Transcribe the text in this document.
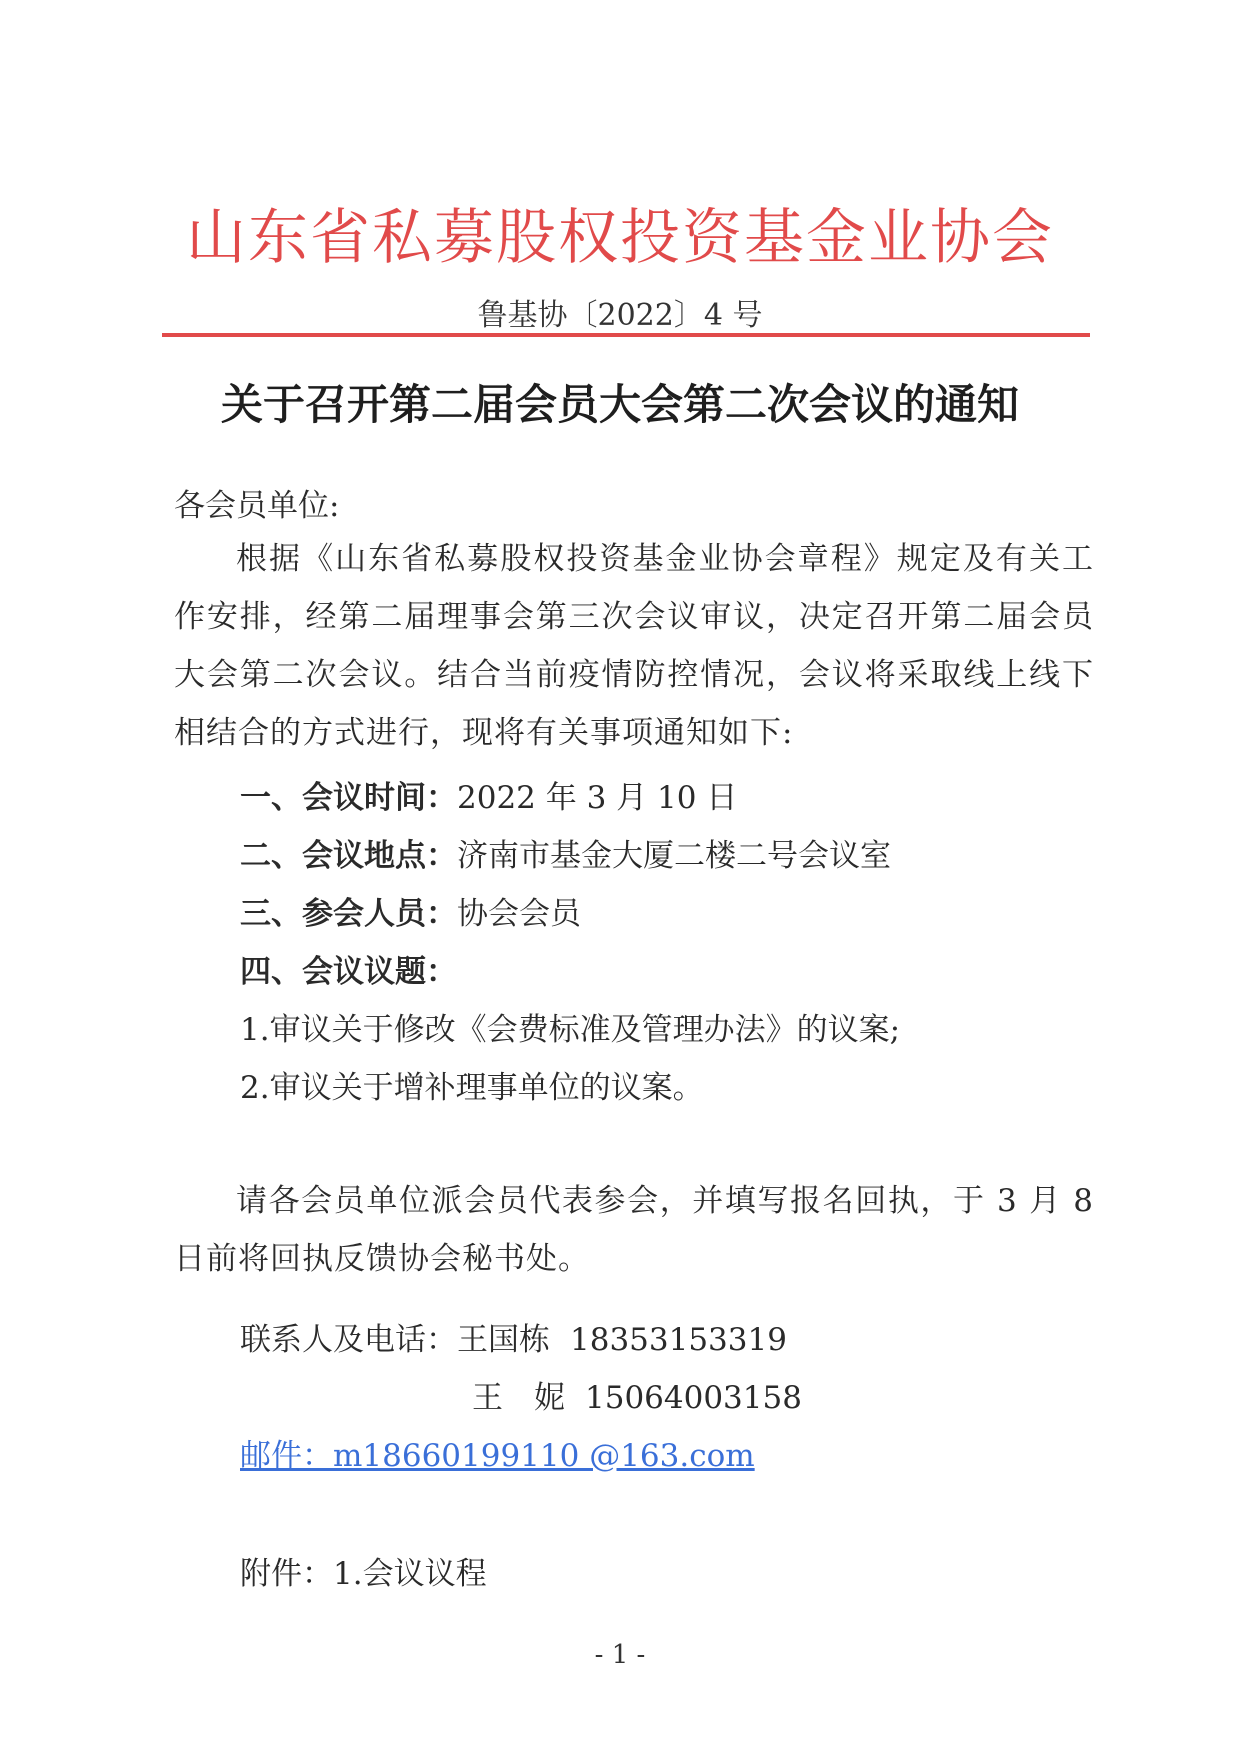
山东省私募股权投资基金业协会
鲁基协〔2022〕4 号
关于召开第二届会员大会第二次会议的通知
各会员单位:
根据《山东省私募股权投资基金业协会章程》规定及有关工作安排，经第二届理事会第三次会议审议，决定召开第二届会员大会第二次会议。结合当前疫情防控情况，会议将采取线上线下相结合的方式进行，现将有关事项通知如下:
一、会议时间：2022 年 3 月 10 日
二、会议地点：济南市基金大厦二楼二号会议室
三、参会人员：协会会员
四、会议议题：
1.审议关于修改《会费标准及管理办法》的议案;
2.审议关于增补理事单位的议案。
请各会员单位派会员代表参会，并填写报名回执，于 3 月 8 日前将回执反馈协会秘书处。
联系人及电话：王国栋 18353153319
王　妮 15064003158
邮件：m18660199110 @163.com
附件：1.会议议程
- 1 -
